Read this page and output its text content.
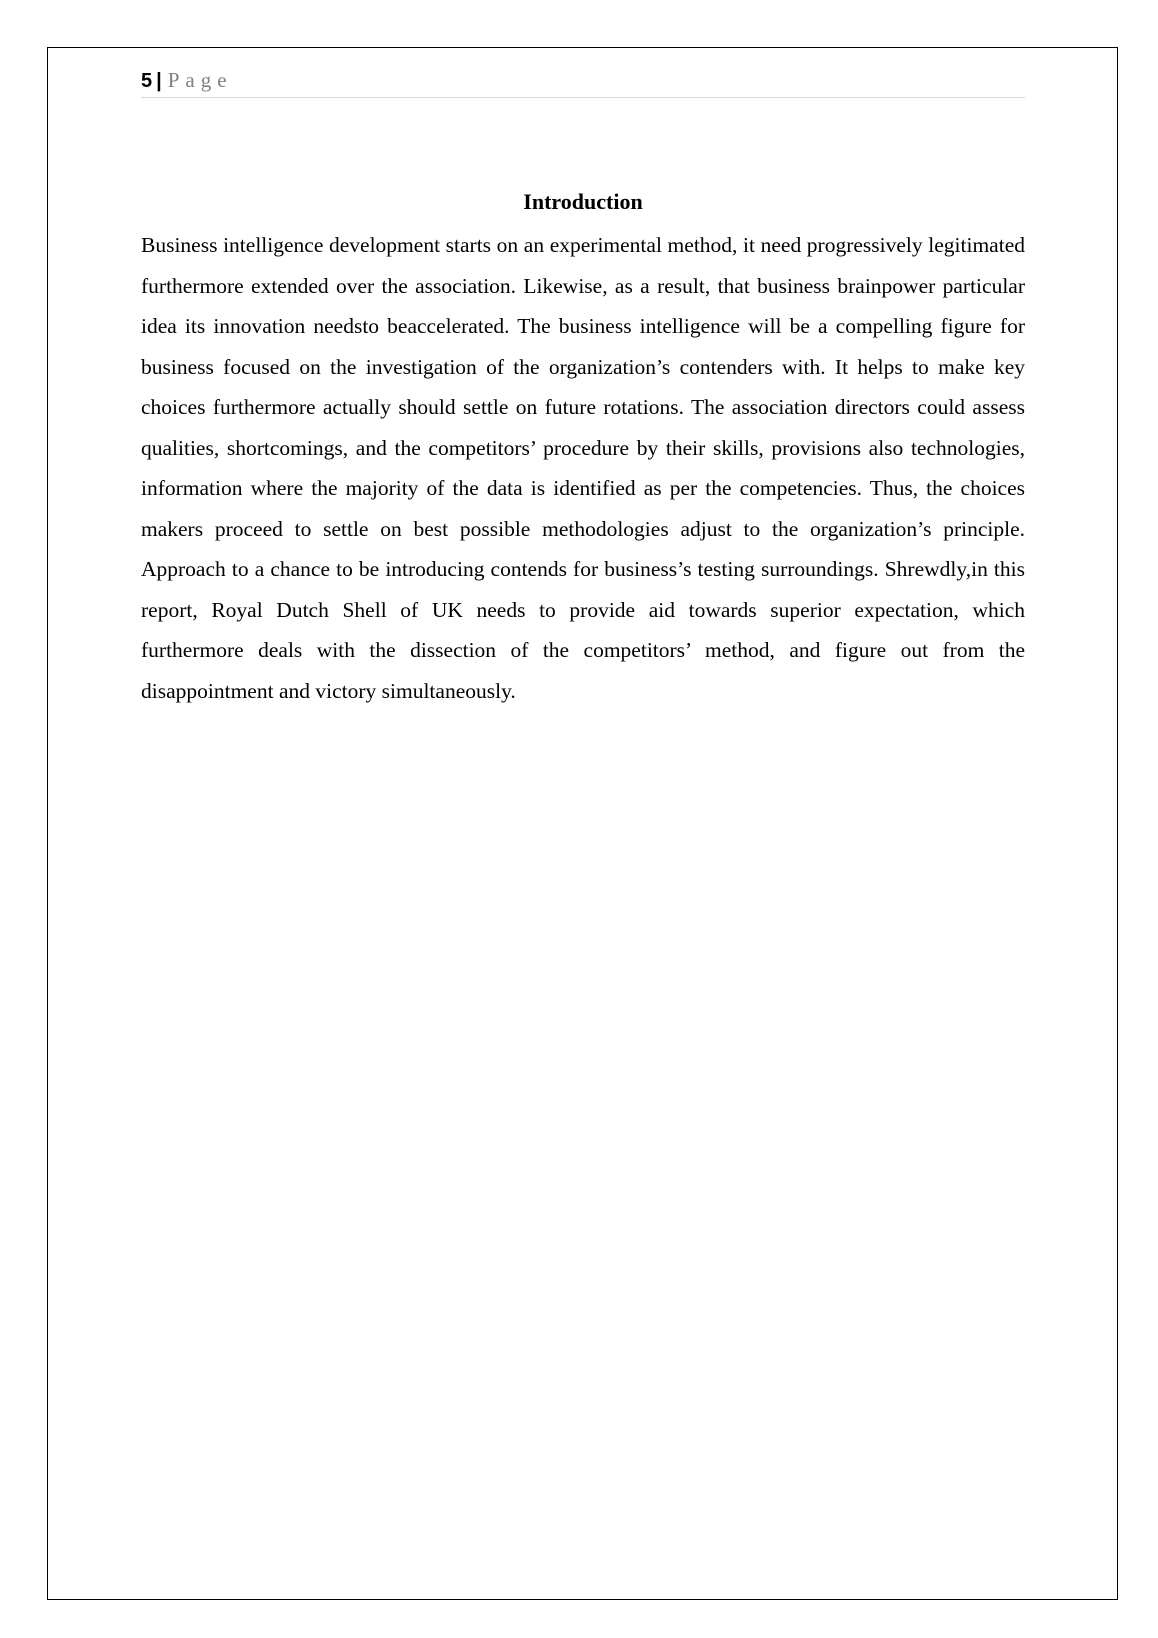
5 | Page
Introduction

Business intelligence development starts on an experimental method, it need progressively legitimated furthermore extended over the association. Likewise, as a result, that business brainpower particular idea its innovation needsto beaccelerated. The business intelligence will be a compelling figure for business focused on the investigation of the organization’s contenders with. It helps to make key choices furthermore actually should settle on future rotations. The association directors could assess qualities, shortcomings, and the competitors’ procedure by their skills, provisions also technologies, information where the majority of the data is identified as per the competencies. Thus, the choices makers proceed to settle on best possible methodologies adjust to the organization’s principle. Approach to a chance to be introducing contends for business’s testing surroundings. Shrewdly,in this report, Royal Dutch Shell of UK needs to provide aid towards superior expectation, which furthermore deals with the dissection of the competitors’ method, and figure out from the disappointment and victory simultaneously.
